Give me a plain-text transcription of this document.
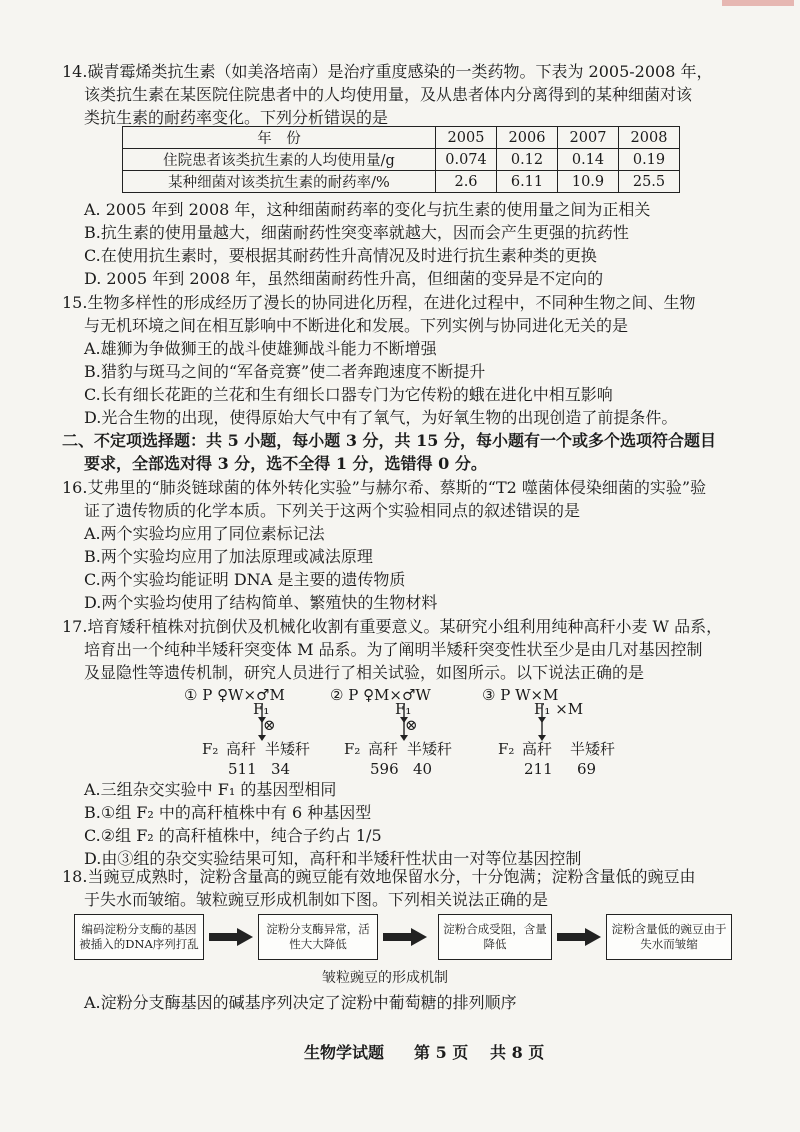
14.碳青霉烯类抗生素（如美洛培南）是治疗重度感染的一类药物。下表为 2005-2008 年，
该类抗生素在某医院住院患者中的人均使用量，及从患者体内分离得到的某种细菌对该
类抗生素的耐药率变化。下列分析错误的是
年　份	2005	2006	2007	2008
住院患者该类抗生素的人均使用量/g	0.074	0.12	0.14	0.19
某种细菌对该类抗生素的耐药率/%	2.6	6.11	10.9	25.5
A. 2005 年到 2008 年，这种细菌耐药率的变化与抗生素的使用量之间为正相关
B.抗生素的使用量越大，细菌耐药性突变率就越大，因而会产生更强的抗药性
C.在使用抗生素时，要根据其耐药性升高情况及时进行抗生素种类的更换
D. 2005 年到 2008 年，虽然细菌耐药性升高，但细菌的变异是不定向的
15.生物多样性的形成经历了漫长的协同进化历程，在进化过程中，不同种生物之间、生物
与无机环境之间在相互影响中不断进化和发展。下列实例与协同进化无关的是
A.雄狮为争做狮王的战斗使雄狮战斗能力不断增强
B.猎豹与斑马之间的“军备竞赛”使二者奔跑速度不断提升
C.长有细长花距的兰花和生有细长口器专门为它传粉的蛾在进化中相互影响
D.光合生物的出现，使得原始大气中有了氧气，为好氧生物的出现创造了前提条件。
二、不定项选择题：共 5 小题，每小题 3 分，共 15 分，每小题有一个或多个选项符合题目
要求，全部选对得 3 分，选不全得 1 分，选错得 0 分。
16.艾弗里的“肺炎链球菌的体外转化实验”与赫尔希、蔡斯的“T2 噬菌体侵染细菌的实验”验
证了遗传物质的化学本质。下列关于这两个实验相同点的叙述错误的是
A.两个实验均应用了同位素标记法
B.两个实验均应用了加法原理或减法原理
C.两个实验均能证明 DNA 是主要的遗传物质
D.两个实验均使用了结构简单、繁殖快的生物材料
17.培育矮秆植株对抗倒伏及机械化收割有重要意义。某研究小组利用纯种高秆小麦 W 品系，
培育出一个纯种半矮秆突变体 M 品系。为了阐明半矮秆突变性状至少是由几对基因控制
及显隐性等遗传机制，研究人员进行了相关试验，如图所示。以下说法正确的是
① P ♀W×♂M
F₁
⊗
F₂ 高秆 半矮秆
511 34
② P ♀M×♂W
F₁
⊗
F₂ 高秆 半矮秆
596 40
③ P W×M
F₁ ×M
F₂ 高秆 半矮秆
211 69
A.三组杂交实验中 F₁ 的基因型相同
B.①组 F₂ 中的高秆植株中有 6 种基因型
C.②组 F₂ 的高秆植株中，纯合子约占 1/5
D.由③组的杂交实验结果可知，高秆和半矮秆性状由一对等位基因控制
18.当豌豆成熟时，淀粉含量高的豌豆能有效地保留水分，十分饱满；淀粉含量低的豌豆由
于失水而皱缩。皱粒豌豆形成机制如下图。下列相关说法正确的是
编码淀粉分支酶的基因被插入的DNA序列打乱
淀粉分支酶异常，活性大大降低
淀粉合成受阻，含量降低
淀粉含量低的豌豆由于失水而皱缩
皱粒豌豆的形成机制
A.淀粉分支酶基因的碱基序列决定了淀粉中葡萄糖的排列顺序
生物学试题 第 5 页 共 8 页
